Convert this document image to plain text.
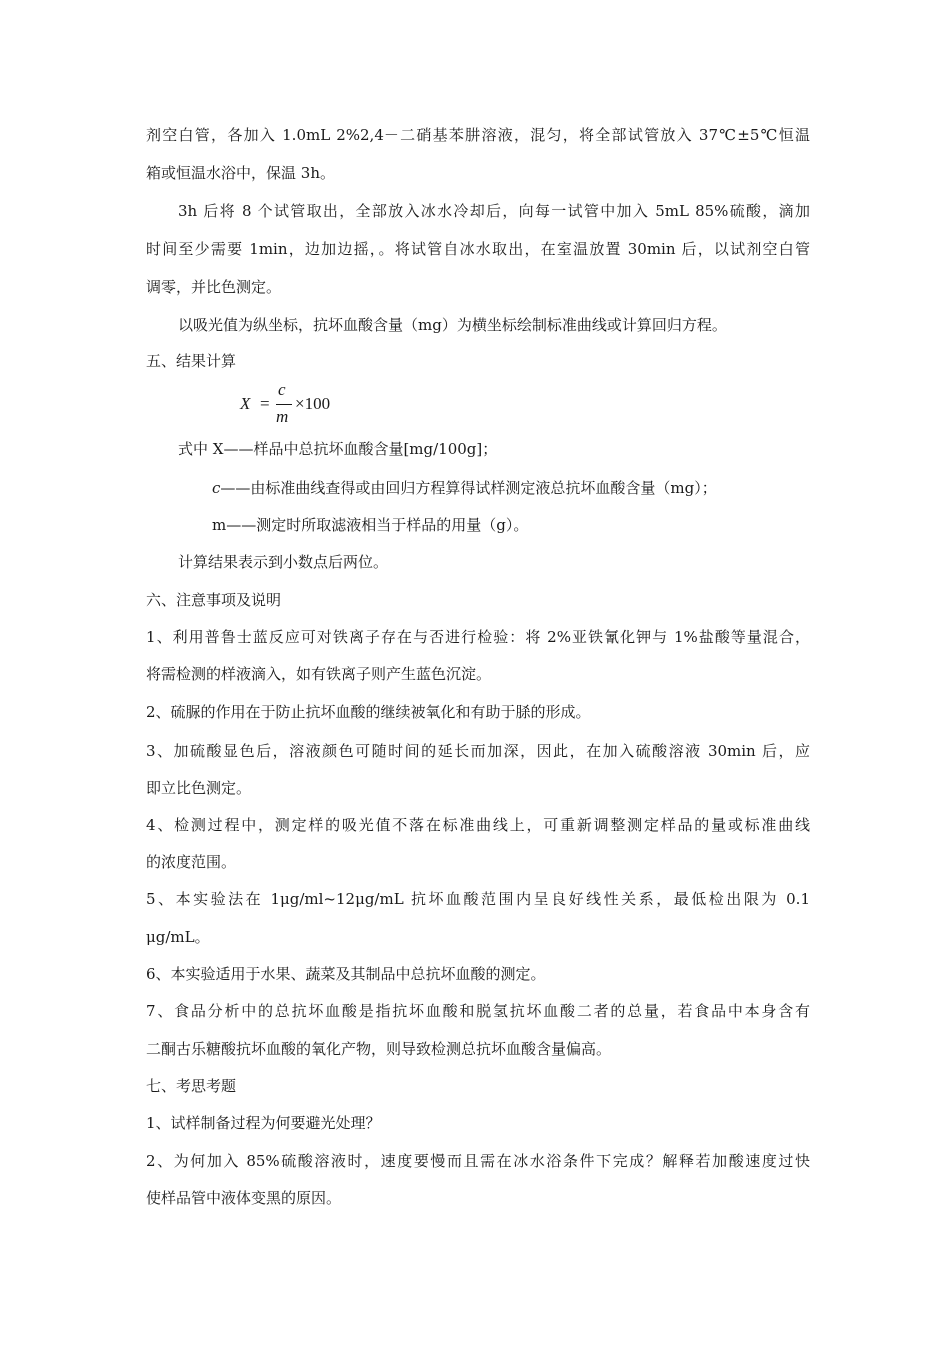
剂空白管，各加入 1.0mL 2%2,4－二硝基苯肼溶液，混匀，将全部试管放入 37℃±5℃恒温
箱或恒温水浴中，保温 3h。
3h 后将 8 个试管取出，全部放入冰水冷却后，向每一试管中加入 5mL 85%硫酸，滴加
时间至少需要 1min，边加边摇，。将试管自冰水取出，在室温放置 30min 后，以试剂空白管
调零，并比色测定。
以吸光值为纵坐标，抗坏血酸含量（mg）为横坐标绘制标准曲线或计算回归方程。
五、结果计算
X =
c
m
×100
式中 X——样品中总抗坏血酸含量[mg/100g]；
c——由标准曲线查得或由回归方程算得试样测定液总抗坏血酸含量（mg）；
m——测定时所取滤液相当于样品的用量（g）。
计算结果表示到小数点后两位。
六、注意事项及说明
1、利用普鲁士蓝反应可对铁离子存在与否进行检验：将 2%亚铁氰化钾与 1%盐酸等量混合，
将需检测的样液滴入，如有铁离子则产生蓝色沉淀。
2、硫脲的作用在于防止抗坏血酸的继续被氧化和有助于脎的形成。
3、加硫酸显色后，溶液颜色可随时间的延长而加深，因此，在加入硫酸溶液 30min 后，应
即立比色测定。
4、检测过程中，测定样的吸光值不落在标准曲线上，可重新调整测定样品的量或标准曲线
的浓度范围。
5、本实验法在 1μg/ml~12μg/mL 抗坏血酸范围内呈良好线性关系，最低检出限为 0.1
μg/mL。
6、本实验适用于水果、蔬菜及其制品中总抗坏血酸的测定。
7、食品分析中的总抗坏血酸是指抗坏血酸和脱氢抗坏血酸二者的总量，若食品中本身含有
二酮古乐糖酸抗坏血酸的氧化产物，则导致检测总抗坏血酸含量偏高。
七、考思考题
1、试样制备过程为何要避光处理？
2、为何加入 85%硫酸溶液时，速度要慢而且需在冰水浴条件下完成？解释若加酸速度过快
使样品管中液体变黑的原因。
